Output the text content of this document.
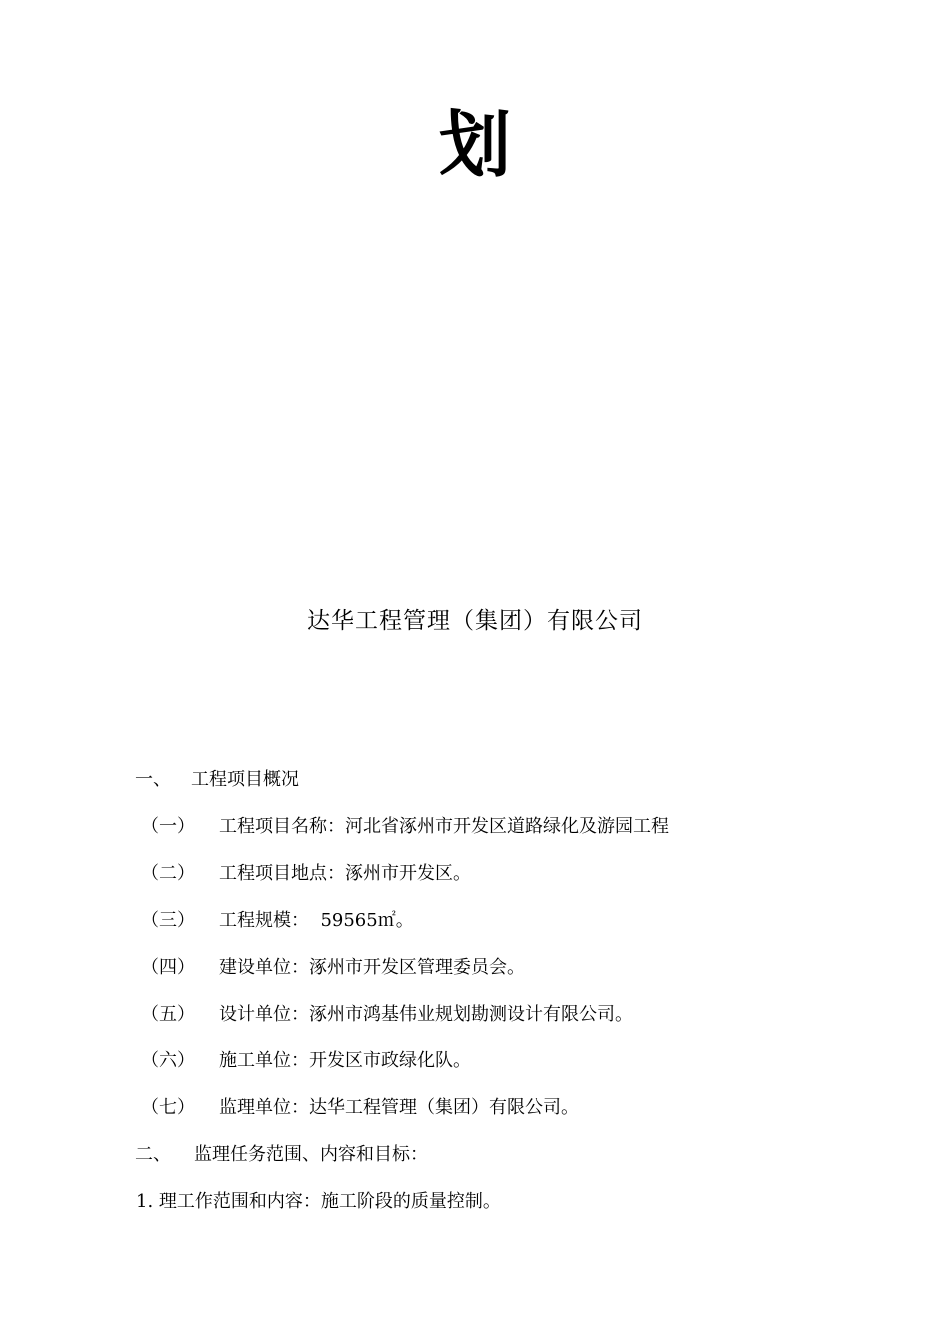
划
达华工程管理（集团）有限公司
一、 工程项目概况
（一） 工程项目名称：河北省涿州市开发区道路绿化及游园工程
（二） 工程项目地点：涿州市开发区。
（三） 工程规模：  59565㎡。
（四） 建设单位：涿州市开发区管理委员会。
（五） 设计单位：涿州市鸿基伟业规划勘测设计有限公司。
（六） 施工单位：开发区市政绿化队。
（七） 监理单位：达华工程管理（集团）有限公司。
二、 监理任务范围、内容和目标：
1. 理工作范围和内容：施工阶段的质量控制。
